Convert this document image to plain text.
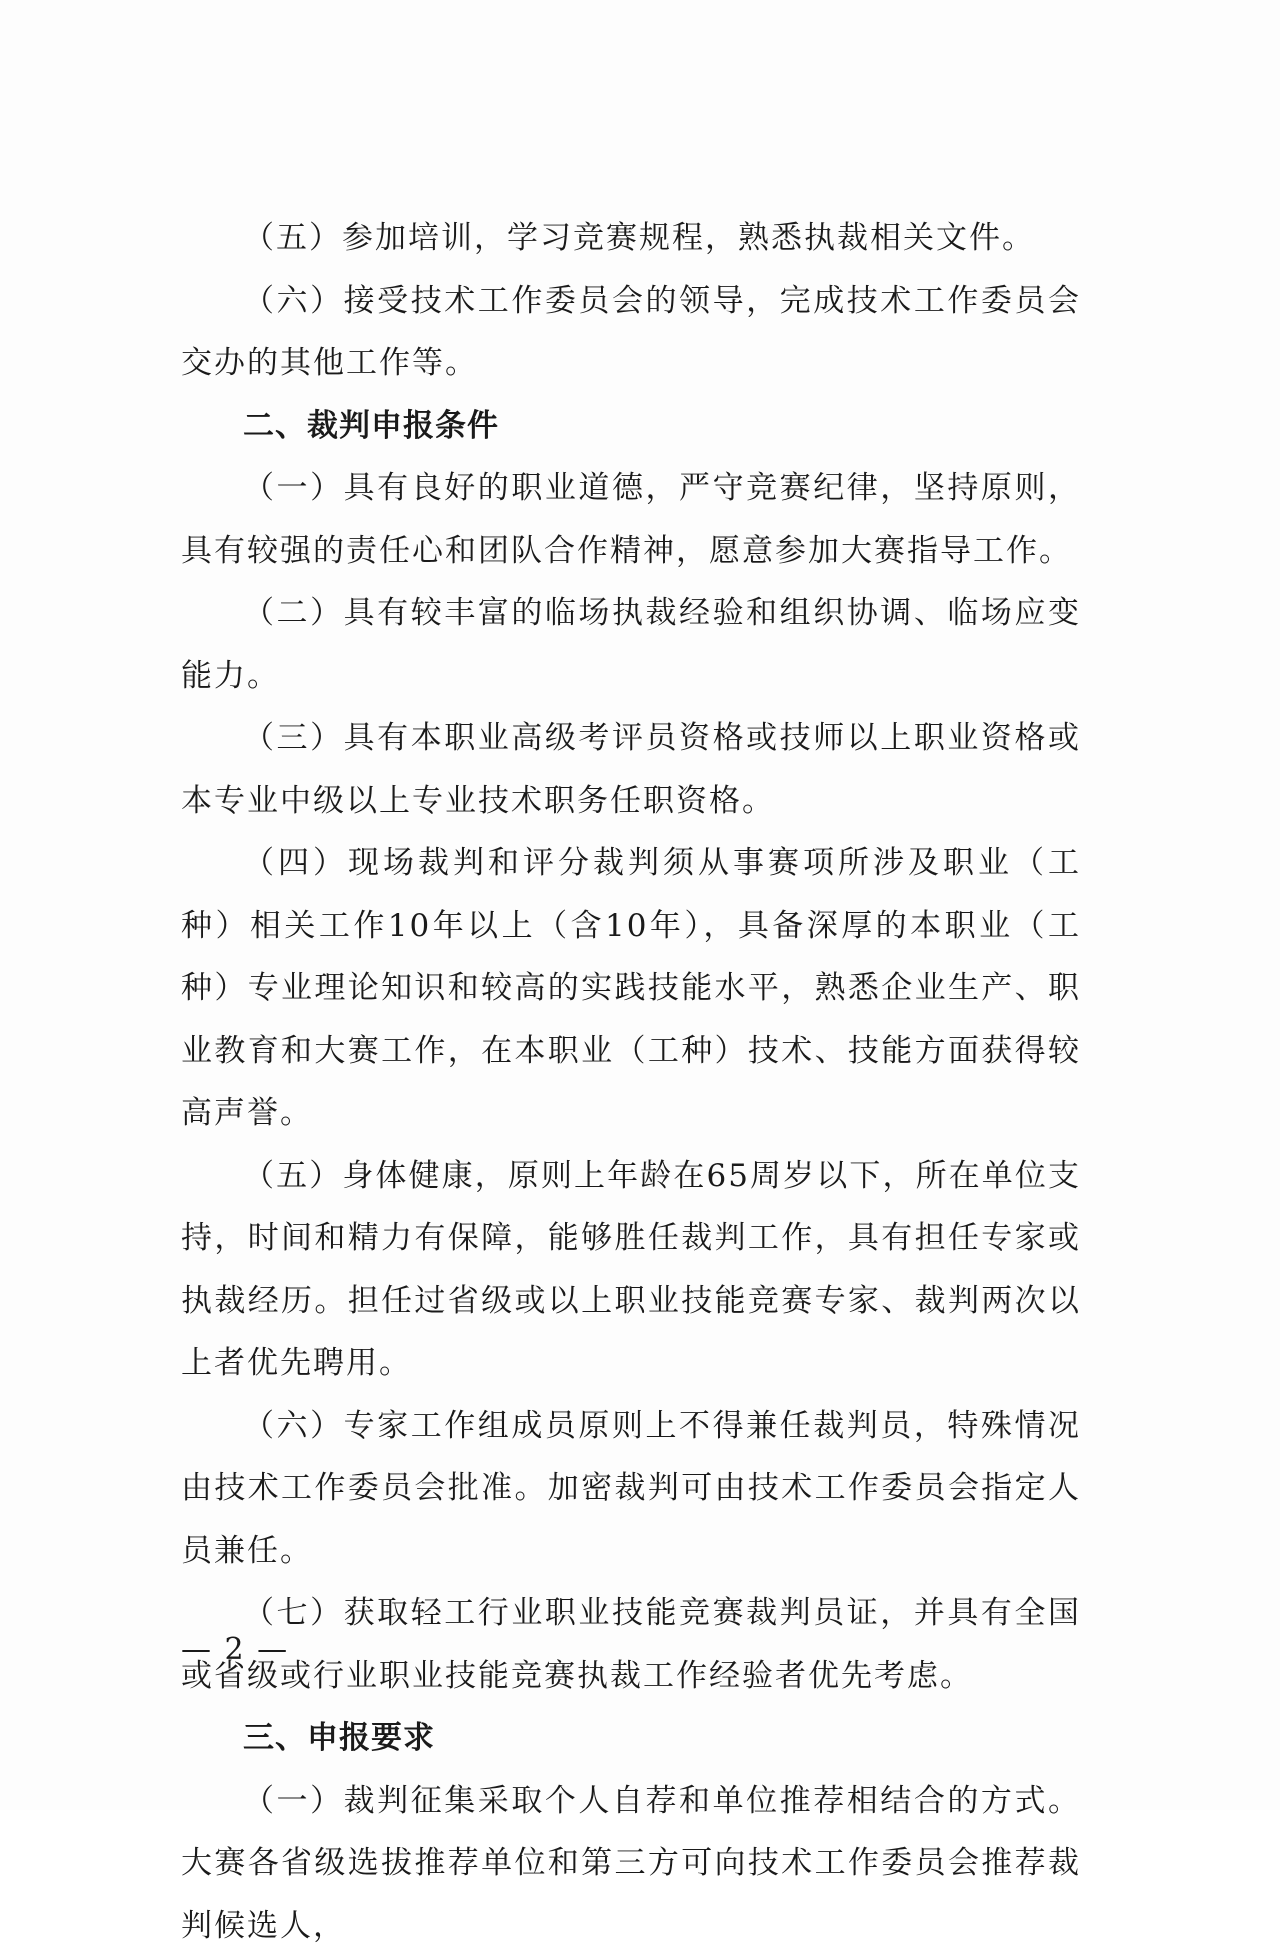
（五）参加培训，学习竞赛规程，熟悉执裁相关文件。

（六）接受技术工作委员会的领导，完成技术工作委员会交办的其他工作等。

二、裁判申报条件

（一）具有良好的职业道德，严守竞赛纪律，坚持原则，具有较强的责任心和团队合作精神，愿意参加大赛指导工作。

（二）具有较丰富的临场执裁经验和组织协调、临场应变能力。

（三）具有本职业高级考评员资格或技师以上职业资格或本专业中级以上专业技术职务任职资格。

（四）现场裁判和评分裁判须从事赛项所涉及职业（工种）相关工作10年以上（含10年），具备深厚的本职业（工种）专业理论知识和较高的实践技能水平，熟悉企业生产、职业教育和大赛工作，在本职业（工种）技术、技能方面获得较高声誉。

（五）身体健康，原则上年龄在65周岁以下，所在单位支持，时间和精力有保障，能够胜任裁判工作，具有担任专家或执裁经历。担任过省级或以上职业技能竞赛专家、裁判两次以上者优先聘用。

（六）专家工作组成员原则上不得兼任裁判员，特殊情况由技术工作委员会批准。加密裁判可由技术工作委员会指定人员兼任。

（七）获取轻工行业职业技能竞赛裁判员证，并具有全国或省级或行业职业技能竞赛执裁工作经验者优先考虑。

三、申报要求

（一）裁判征集采取个人自荐和单位推荐相结合的方式。大赛各省级选拔推荐单位和第三方可向技术工作委员会推荐裁判候选人，

— 2 —
